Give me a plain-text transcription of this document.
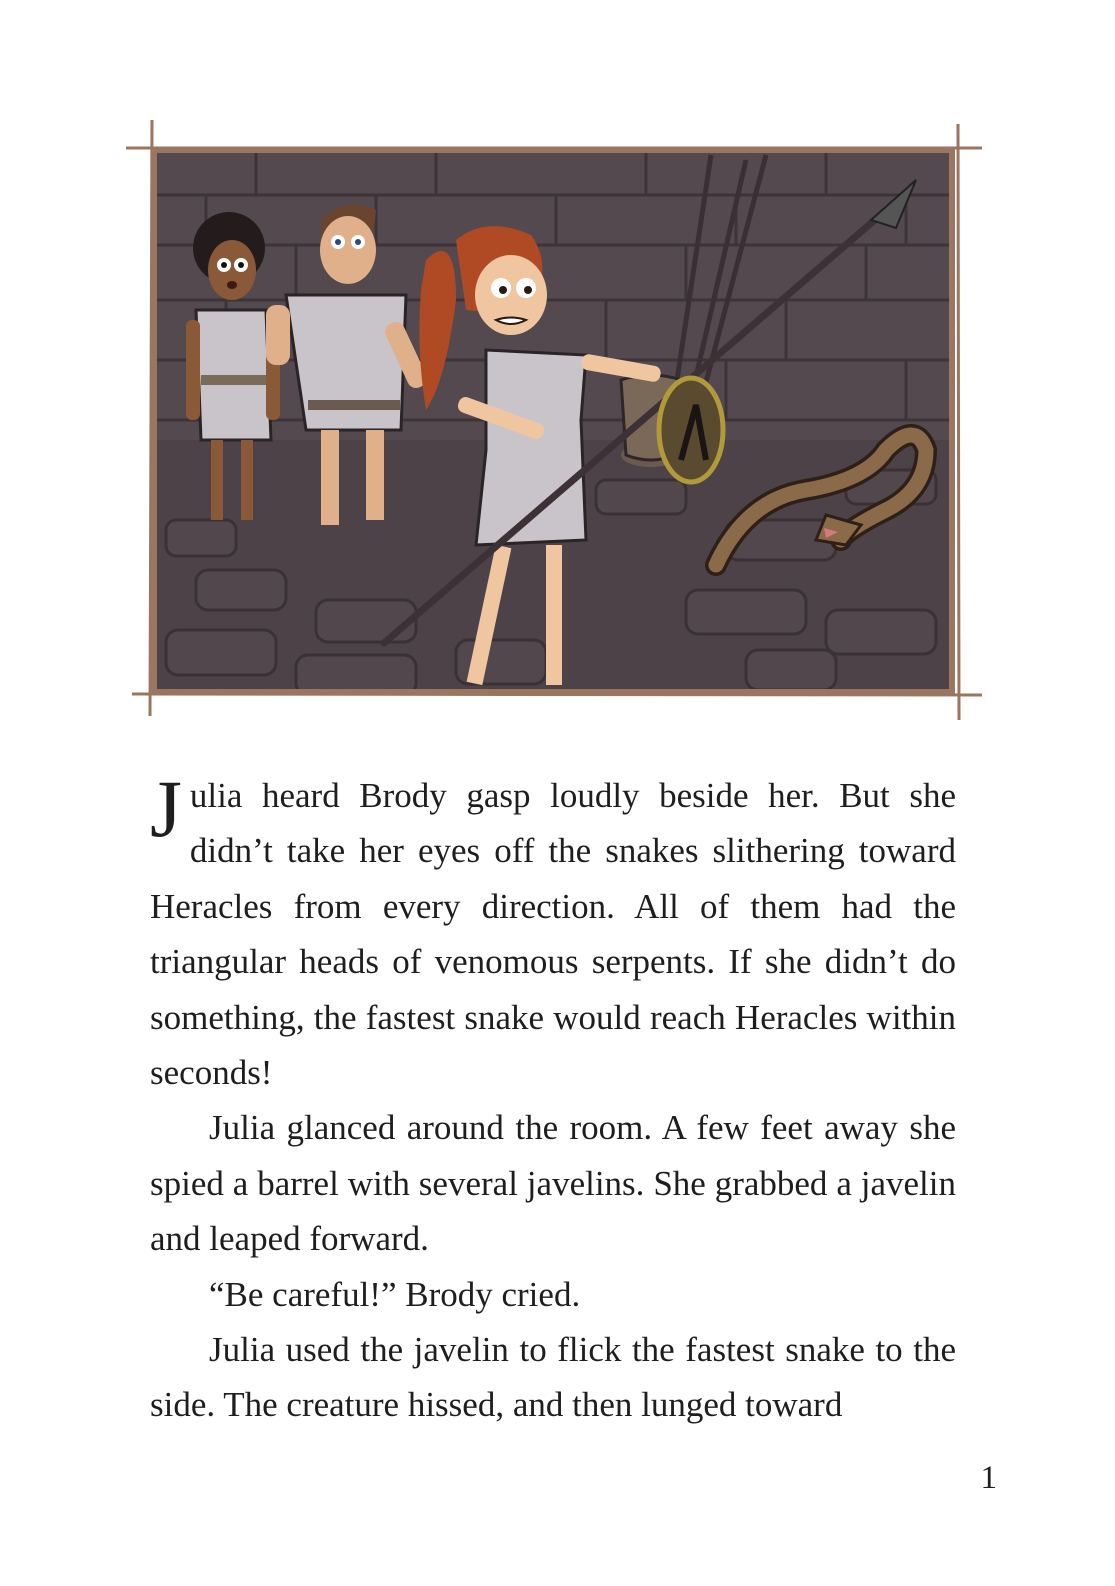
Julia heard Brody gasp loudly beside her. But she didn’t take her eyes off the snakes slithering toward Heracles from every direction. All of them had the triangular heads of venomous serpents. If she didn’t do something, the fastest snake would reach Heracles within seconds!

Julia glanced around the room. A few feet away she spied a barrel with several javelins. She grabbed a javelin and leaped forward.

“Be careful!” Brody cried.

Julia used the javelin to flick the fastest snake to the side. The creature hissed, and then lunged toward

1
